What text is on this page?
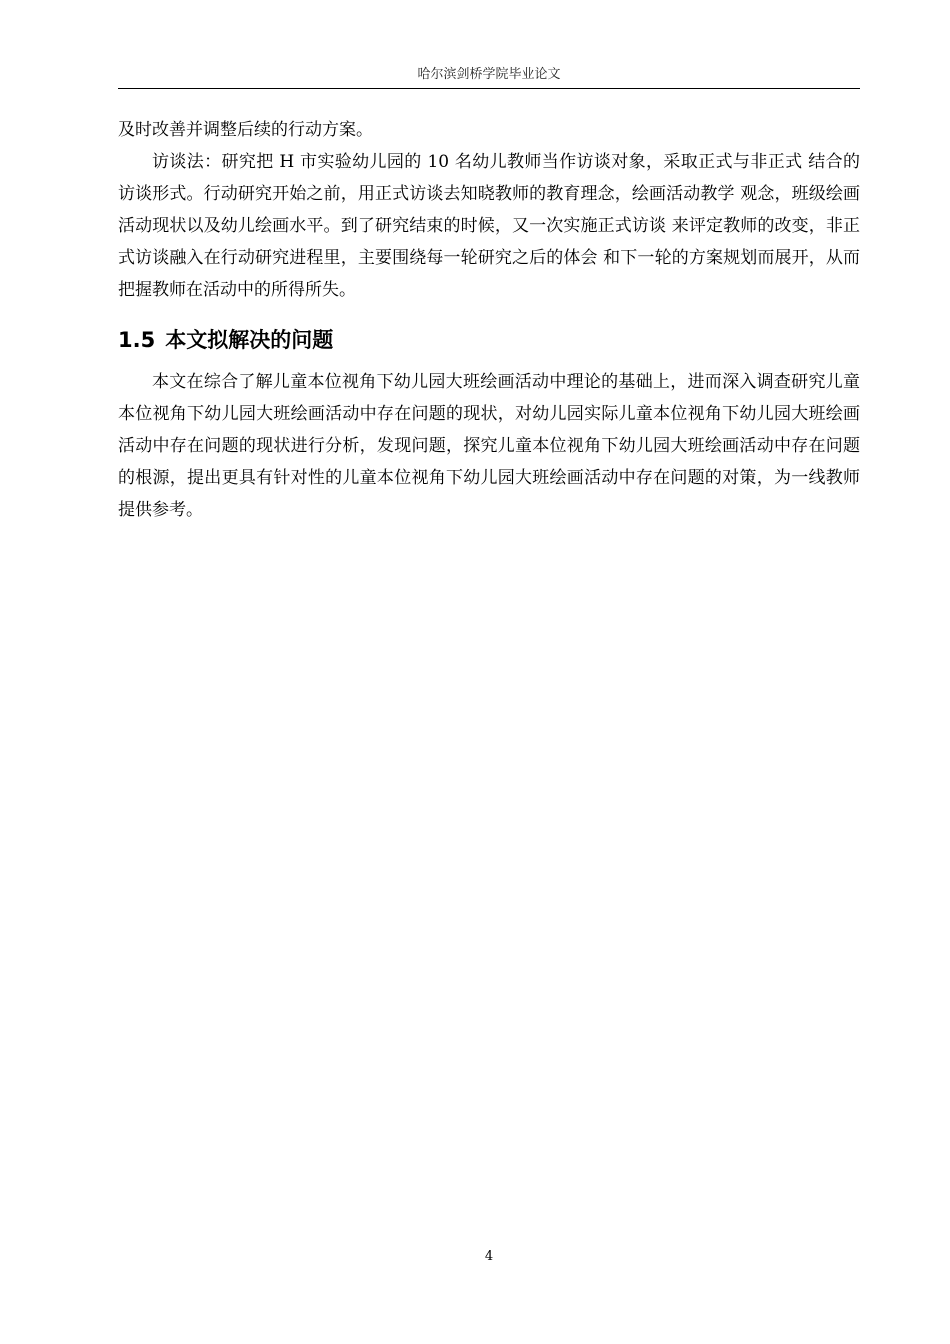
哈尔滨剑桥学院毕业论文

及时改善并调整后续的行动方案。

访谈法：研究把 H 市实验幼儿园的 10 名幼儿教师当作访谈对象，采取正式与非正式 结合的访谈形式。行动研究开始之前，用正式访谈去知晓教师的教育理念，绘画活动教学 观念，班级绘画活动现状以及幼儿绘画水平。到了研究结束的时候，又一次实施正式访谈 来评定教师的改变，非正式访谈融入在行动研究进程里，主要围绕每一轮研究之后的体会 和下一轮的方案规划而展开，从而把握教师在活动中的所得所失。

1.5 本文拟解决的问题

本文在综合了解儿童本位视角下幼儿园大班绘画活动中理论的基础上，进而深入调查研究儿童本位视角下幼儿园大班绘画活动中存在问题的现状，对幼儿园实际儿童本位视角下幼儿园大班绘画活动中存在问题的现状进行分析，发现问题，探究儿童本位视角下幼儿园大班绘画活动中存在问题的根源，提出更具有针对性的儿童本位视角下幼儿园大班绘画活动中存在问题的对策，为一线教师提供参考。

4
